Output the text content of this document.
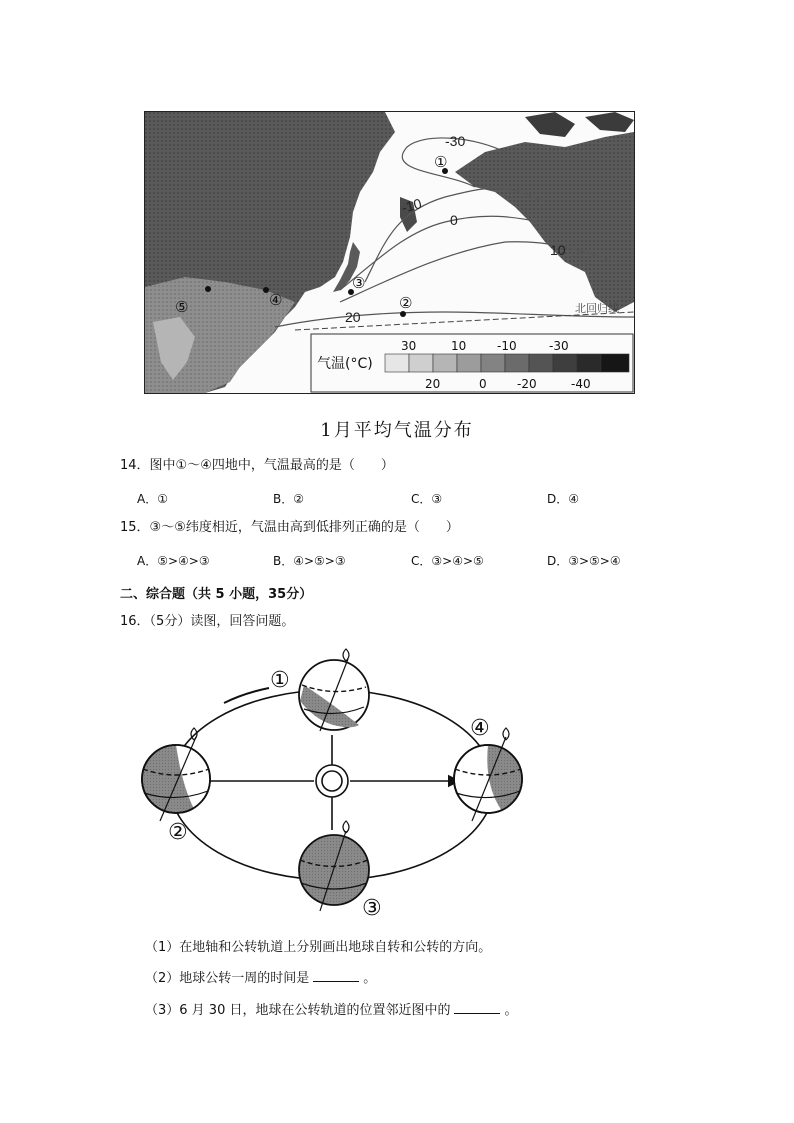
-30
-10
0
10
20
北回归线
①
②
③
④
⑤
气温(°C)
30	10	-10	-30
20	0	-20	-40
1月平均气温分布
14．图中①～④四地中，气温最高的是（　　）
A．①	B．②	C．③	D．④
15．③～⑤纬度相近，气温由高到低排列正确的是（　　）
A．⑤>④>③	B．④>⑤>③	C．③>④>⑤	D．③>⑤>④
二、综合题（共 5 小题，35分）
16．（5分）读图，回答问题。
①
②
③
④
（1）在地轴和公转轨道上分别画出地球自转和公转的方向。
（2）地球公转一周的时间是	。
（3）6 月 30 日，地球在公转轨道的位置邻近图中的	。
